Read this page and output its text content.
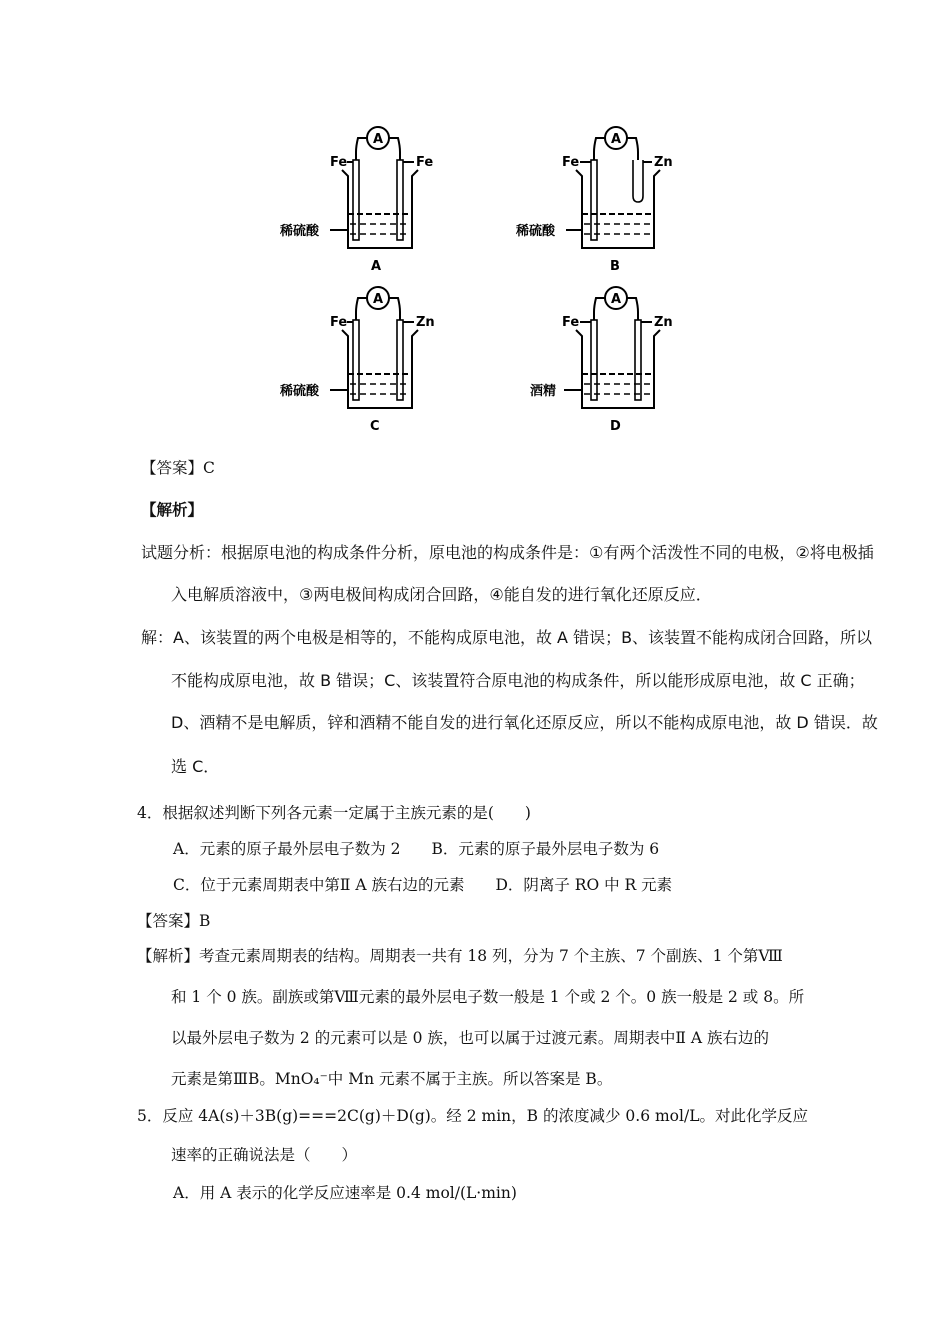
A
Fe	Fe
稀硫酸
A
A
Fe	Zn
稀硫酸
B
A
Fe	Zn
稀硫酸
C
A
Fe	Zn
酒精
D
【答案】C
【解析】
试题分析：根据原电池的构成条件分析，原电池的构成条件是：①有两个活泼性不同的电极，②将电极插
入电解质溶液中，③两电极间构成闭合回路，④能自发的进行氧化还原反应．
解：A、该装置的两个电极是相等的，不能构成原电池，故 A 错误；B、该装置不能构成闭合回路，所以
不能构成原电池，故 B 错误；C、该装置符合原电池的构成条件，所以能形成原电池，故 C 正确；
D、酒精不是电解质，锌和酒精不能自发的进行氧化还原反应，所以不能构成原电池，故 D 错误．故
选 C．
4．根据叙述判断下列各元素一定属于主族元素的是(　　)
A．元素的原子最外层电子数为 2　　B．元素的原子最外层电子数为 6
C．位于元素周期表中第Ⅱ A 族右边的元素　　D．阴离子 RO 中 R 元素
【答案】B
【解析】考查元素周期表的结构。周期表一共有 18 列，分为 7 个主族、7 个副族、1 个第Ⅷ
和 1 个 0 族。副族或第Ⅷ元素的最外层电子数一般是 1 个或 2 个。0 族一般是 2 或 8。所
以最外层电子数为 2 的元素可以是 0 族，也可以属于过渡元素。周期表中Ⅱ A 族右边的
元素是第ⅢB。MnO₄⁻中 Mn 元素不属于主族。所以答案是 B。
5．反应 4A(s)＋3B(g)===2C(g)＋D(g)。经 2 min，B 的浓度减少 0.6 mol/L。对此化学反应
速率的正确说法是（　　）
A．用 A 表示的化学反应速率是 0.4 mol/(L·min)
